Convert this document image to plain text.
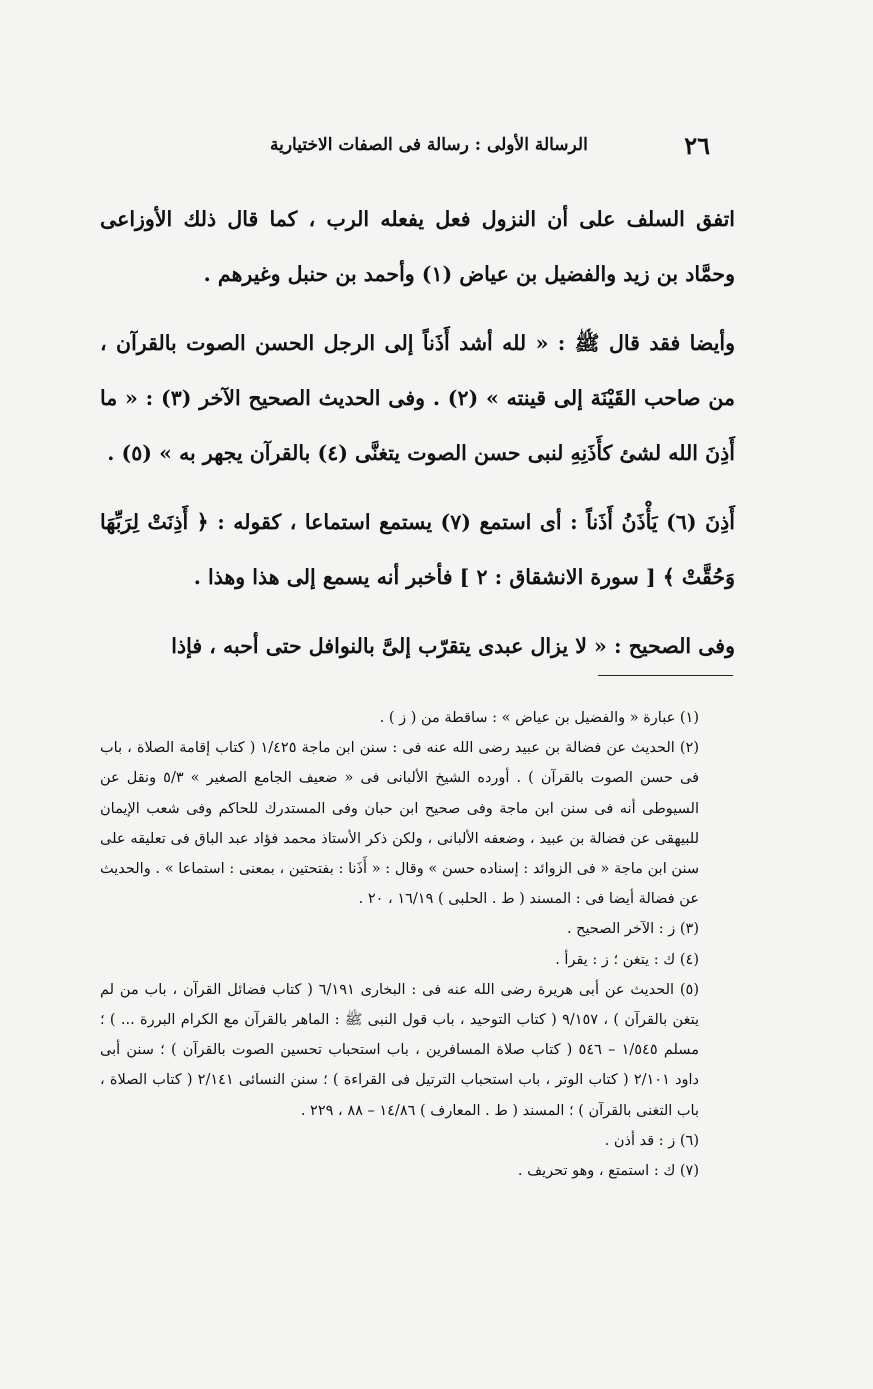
٢٦
الرسالة الأولى : رسالة فى الصفات الاختيارية

اتفق السلف على أن النزول فعل يفعله الرب ، كما قال ذلك الأوزاعى وحمَّاد بن زيد والفضيل بن عياض (١) وأحمد بن حنبل وغيرهم .

وأيضا فقد قال ﷺ : « لله أشد أَذَناً إلى الرجل الحسن الصوت بالقرآن ، من صاحب القَيْنَة إلى قينته » (٢) . وفى الحديث الصحيح الآخر (٣) : « ما أَذِنَ الله لشئ كأَذَنِهِ لنبى حسن الصوت يتغنَّى (٤) بالقرآن يجهر به » (٥) .

أَذِنَ (٦) يَأْذَنُ أَذَناً : أى استمع (٧) يستمع استماعا ، كقوله : ﴿ أَذِنَتْ لِرَبِّهَا وَحُقَّتْ ﴾ [ سورة الانشقاق : ٢ ] فأخبر أنه يسمع إلى هذا وهذا .

وفى الصحيح : « لا يزال عبدى يتقرّب إلىَّ بالنوافل حتى أحبه ، فإذا

(١) عبارة « والفضيل بن عياض » : ساقطة من ( ز ) .

(٢) الحديث عن فضالة بن عبيد رضى الله عنه فى : سنن ابن ماجة ١/٤٢٥ ( كتاب إقامة الصلاة ، باب فى حسن الصوت بالقرآن ) . أورده الشيخ الألبانى فى « ضعيف الجامع الصغير » ٥/٣ ونقل عن السيوطى أنه فى سنن ابن ماجة وفى صحيح ابن حبان وفى المستدرك للحاكم وفى شعب الإيمان للبيهقى عن فضالة بن عبيد ، وضعفه الألبانى ، ولكن ذكر الأستاذ محمد فؤاد عبد الباق فى تعليقه على سنن ابن ماجة « فى الزوائد : إسناده حسن » وقال : « أَذَنا : بفتحتين ، بمعنى : استماعا » . والحديث عن فضالة أيضا فى : المسند ( ط . الحلبى ) ١٦/١٩ ، ٢٠ .

(٣) ز : الآخر الصحيح .

(٤) ك : يتغن ؛ ز : يقرأ .

(٥) الحديث عن أبى هريرة رضى الله عنه فى : البخارى ٦/١٩١ ( كتاب فضائل القرآن ، باب من لم يتغن بالقرآن ) ، ٩/١٥٧ ( كتاب التوحيد ، باب قول النبى ﷺ : الماهر بالقرآن مع الكرام البررة ... ) ؛ مسلم ١/٥٤٥ – ٥٤٦ ( كتاب صلاة المسافرين ، باب استحباب تحسين الصوت بالقرآن ) ؛ سنن أبى داود ٢/١٠١ ( كتاب الوتر ، باب استحباب الترتيل فى القراءة ) ؛ سنن النسائى ٢/١٤١ ( كتاب الصلاة ، باب التغنى بالقرآن ) ؛ المسند ( ط . المعارف ) ١٤/٨٦ – ٨٨ ، ٢٢٩ .

(٦) ز : قد أذن .

(٧) ك : استمتع ، وهو تحريف .
